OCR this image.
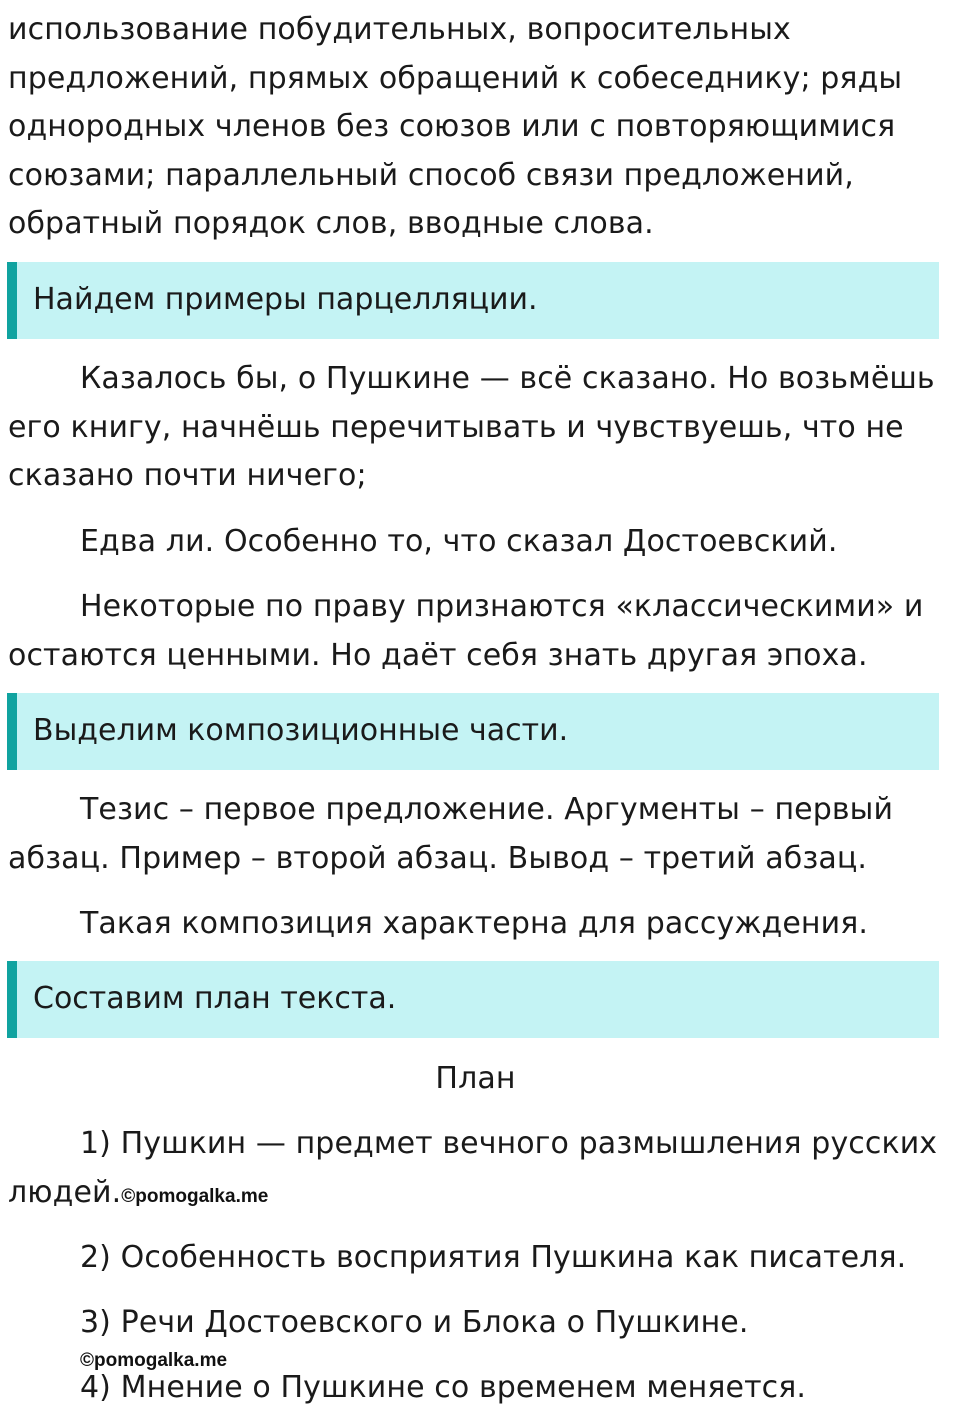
использование побудительных, вопросительных предложений, прямых обращений к собеседнику; ряды однородных членов без союзов или с повторяющимися союзами; параллельный способ связи предложений, обратный порядок слов, вводные слова.

Найдем примеры парцелляции.

Казалось бы, о Пушкине — всё сказано. Но возьмёшь его книгу, начнёшь перечитывать и чувствуешь, что не сказано почти ничего;

Едва ли. Особенно то, что сказал Достоевский.

Некоторые по праву признаются «классическими» и остаются ценными. Но даёт себя знать другая эпоха.

Выделим композиционные части.

Тезис – первое предложение. Аргументы – первый абзац. Пример – второй абзац. Вывод – третий абзац.

Такая композиция характерна для рассуждения.

Составим план текста.

План

1) Пушкин — предмет вечного размышления русских людей.©pomogalka.me

2) Особенность восприятия Пушкина как писателя.

3) Речи Достоевского и Блока о Пушкине.

©pomogalka.me

4) Мнение о Пушкине со временем меняется.
